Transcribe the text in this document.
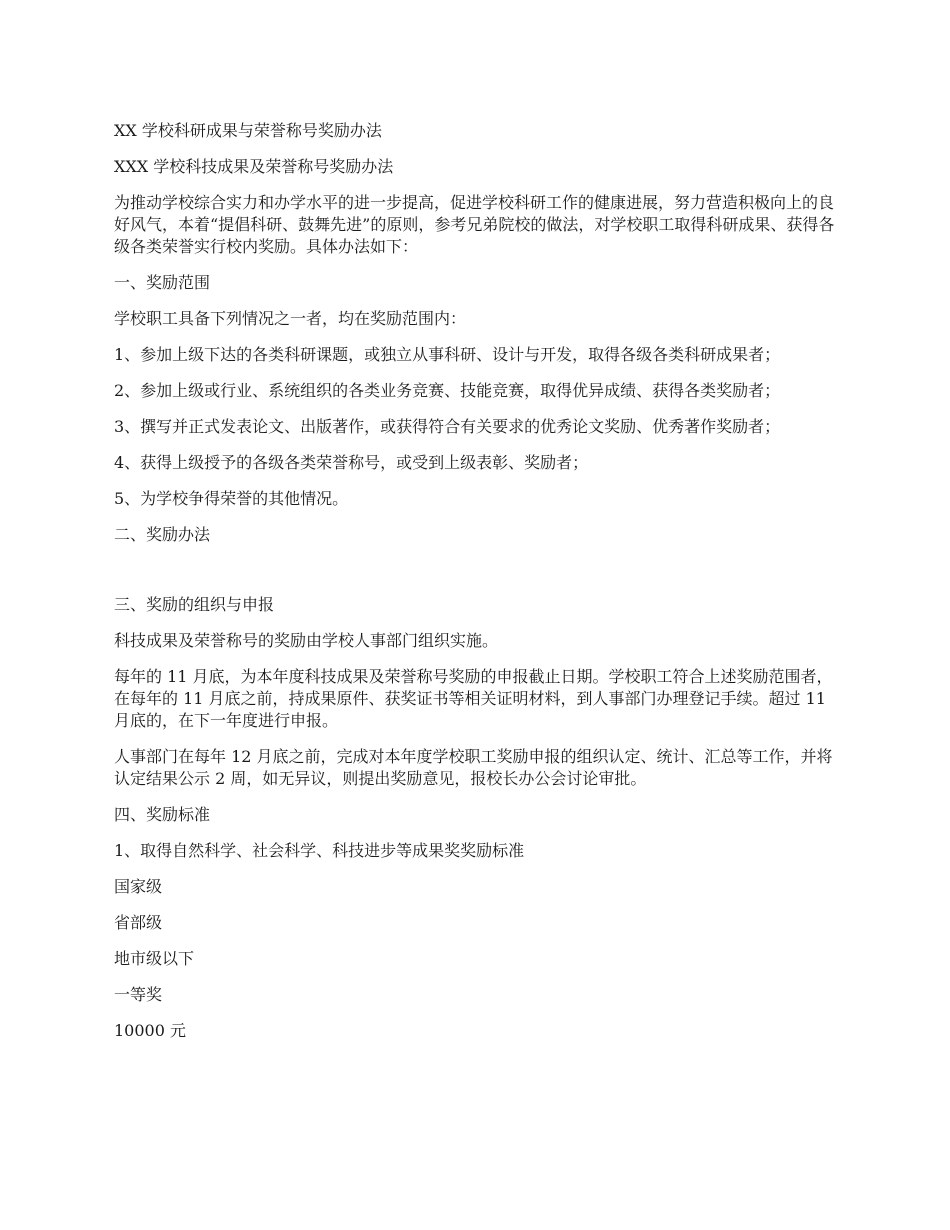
XX 学校科研成果与荣誉称号奖励办法

XXX 学校科技成果及荣誉称号奖励办法

为推动学校综合实力和办学水平的进一步提高，促进学校科研工作的健康进展，努力营造积极向上的良好风气，本着“提倡科研、鼓舞先进”的原则，参考兄弟院校的做法，对学校职工取得科研成果、获得各级各类荣誉实行校内奖励。具体办法如下：

一、奖励范围

学校职工具备下列情况之一者，均在奖励范围内：

1、参加上级下达的各类科研课题，或独立从事科研、设计与开发，取得各级各类科研成果者；

2、参加上级或行业、系统组织的各类业务竞赛、技能竞赛，取得优异成绩、获得各类奖励者；

3、撰写并正式发表论文、出版著作，或获得符合有关要求的优秀论文奖励、优秀著作奖励者；

4、获得上级授予的各级各类荣誉称号，或受到上级表彰、奖励者；

5、为学校争得荣誉的其他情况。

二、奖励办法

三、奖励的组织与申报

科技成果及荣誉称号的奖励由学校人事部门组织实施。

每年的 11 月底，为本年度科技成果及荣誉称号奖励的申报截止日期。学校职工符合上述奖励范围者，在每年的 11 月底之前，持成果原件、获奖证书等相关证明材料，到人事部门办理登记手续。超过 11 月底的，在下一年度进行申报。

人事部门在每年 12 月底之前，完成对本年度学校职工奖励申报的组织认定、统计、汇总等工作，并将认定结果公示 2 周，如无异议，则提出奖励意见，报校长办公会讨论审批。

四、奖励标准

1、取得自然科学、社会科学、科技进步等成果奖奖励标准

国家级

省部级

地市级以下

一等奖

10000 元
